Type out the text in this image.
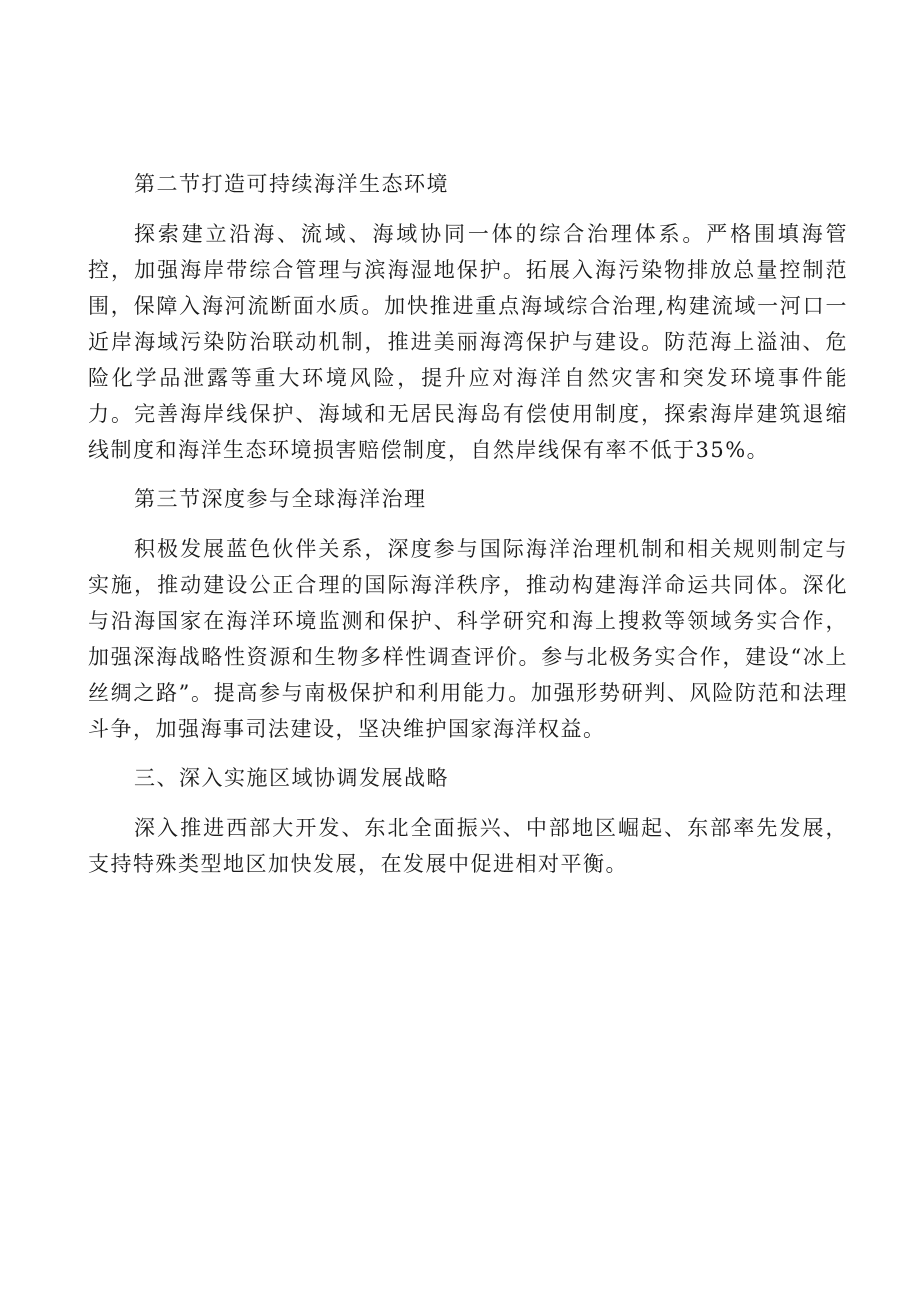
第二节打造可持续海洋生态环境

探索建立沿海、流域、海域协同一体的综合治理体系。严格围填海管控，加强海岸带综合管理与滨海湿地保护。拓展入海污染物排放总量控制范围，保障入海河流断面水质。加快推进重点海域综合治理,构建流域一河口一近岸海域污染防治联动机制，推进美丽海湾保护与建设。防范海上溢油、危险化学品泄露等重大环境风险，提升应对海洋自然灾害和突发环境事件能力。完善海岸线保护、海域和无居民海岛有偿使用制度，探索海岸建筑退缩线制度和海洋生态环境损害赔偿制度，自然岸线保有率不低于35%。

第三节深度参与全球海洋治理

积极发展蓝色伙伴关系，深度参与国际海洋治理机制和相关规则制定与实施，推动建设公正合理的国际海洋秩序，推动构建海洋命运共同体。深化与沿海国家在海洋环境监测和保护、科学研究和海上搜救等领域务实合作，加强深海战略性资源和生物多样性调查评价。参与北极务实合作，建设“冰上丝绸之路”。提高参与南极保护和利用能力。加强形势研判、风险防范和法理斗争，加强海事司法建设，坚决维护国家海洋权益。

三、深入实施区域协调发展战略

深入推进西部大开发、东北全面振兴、中部地区崛起、东部率先发展，支持特殊类型地区加快发展，在发展中促进相对平衡。
